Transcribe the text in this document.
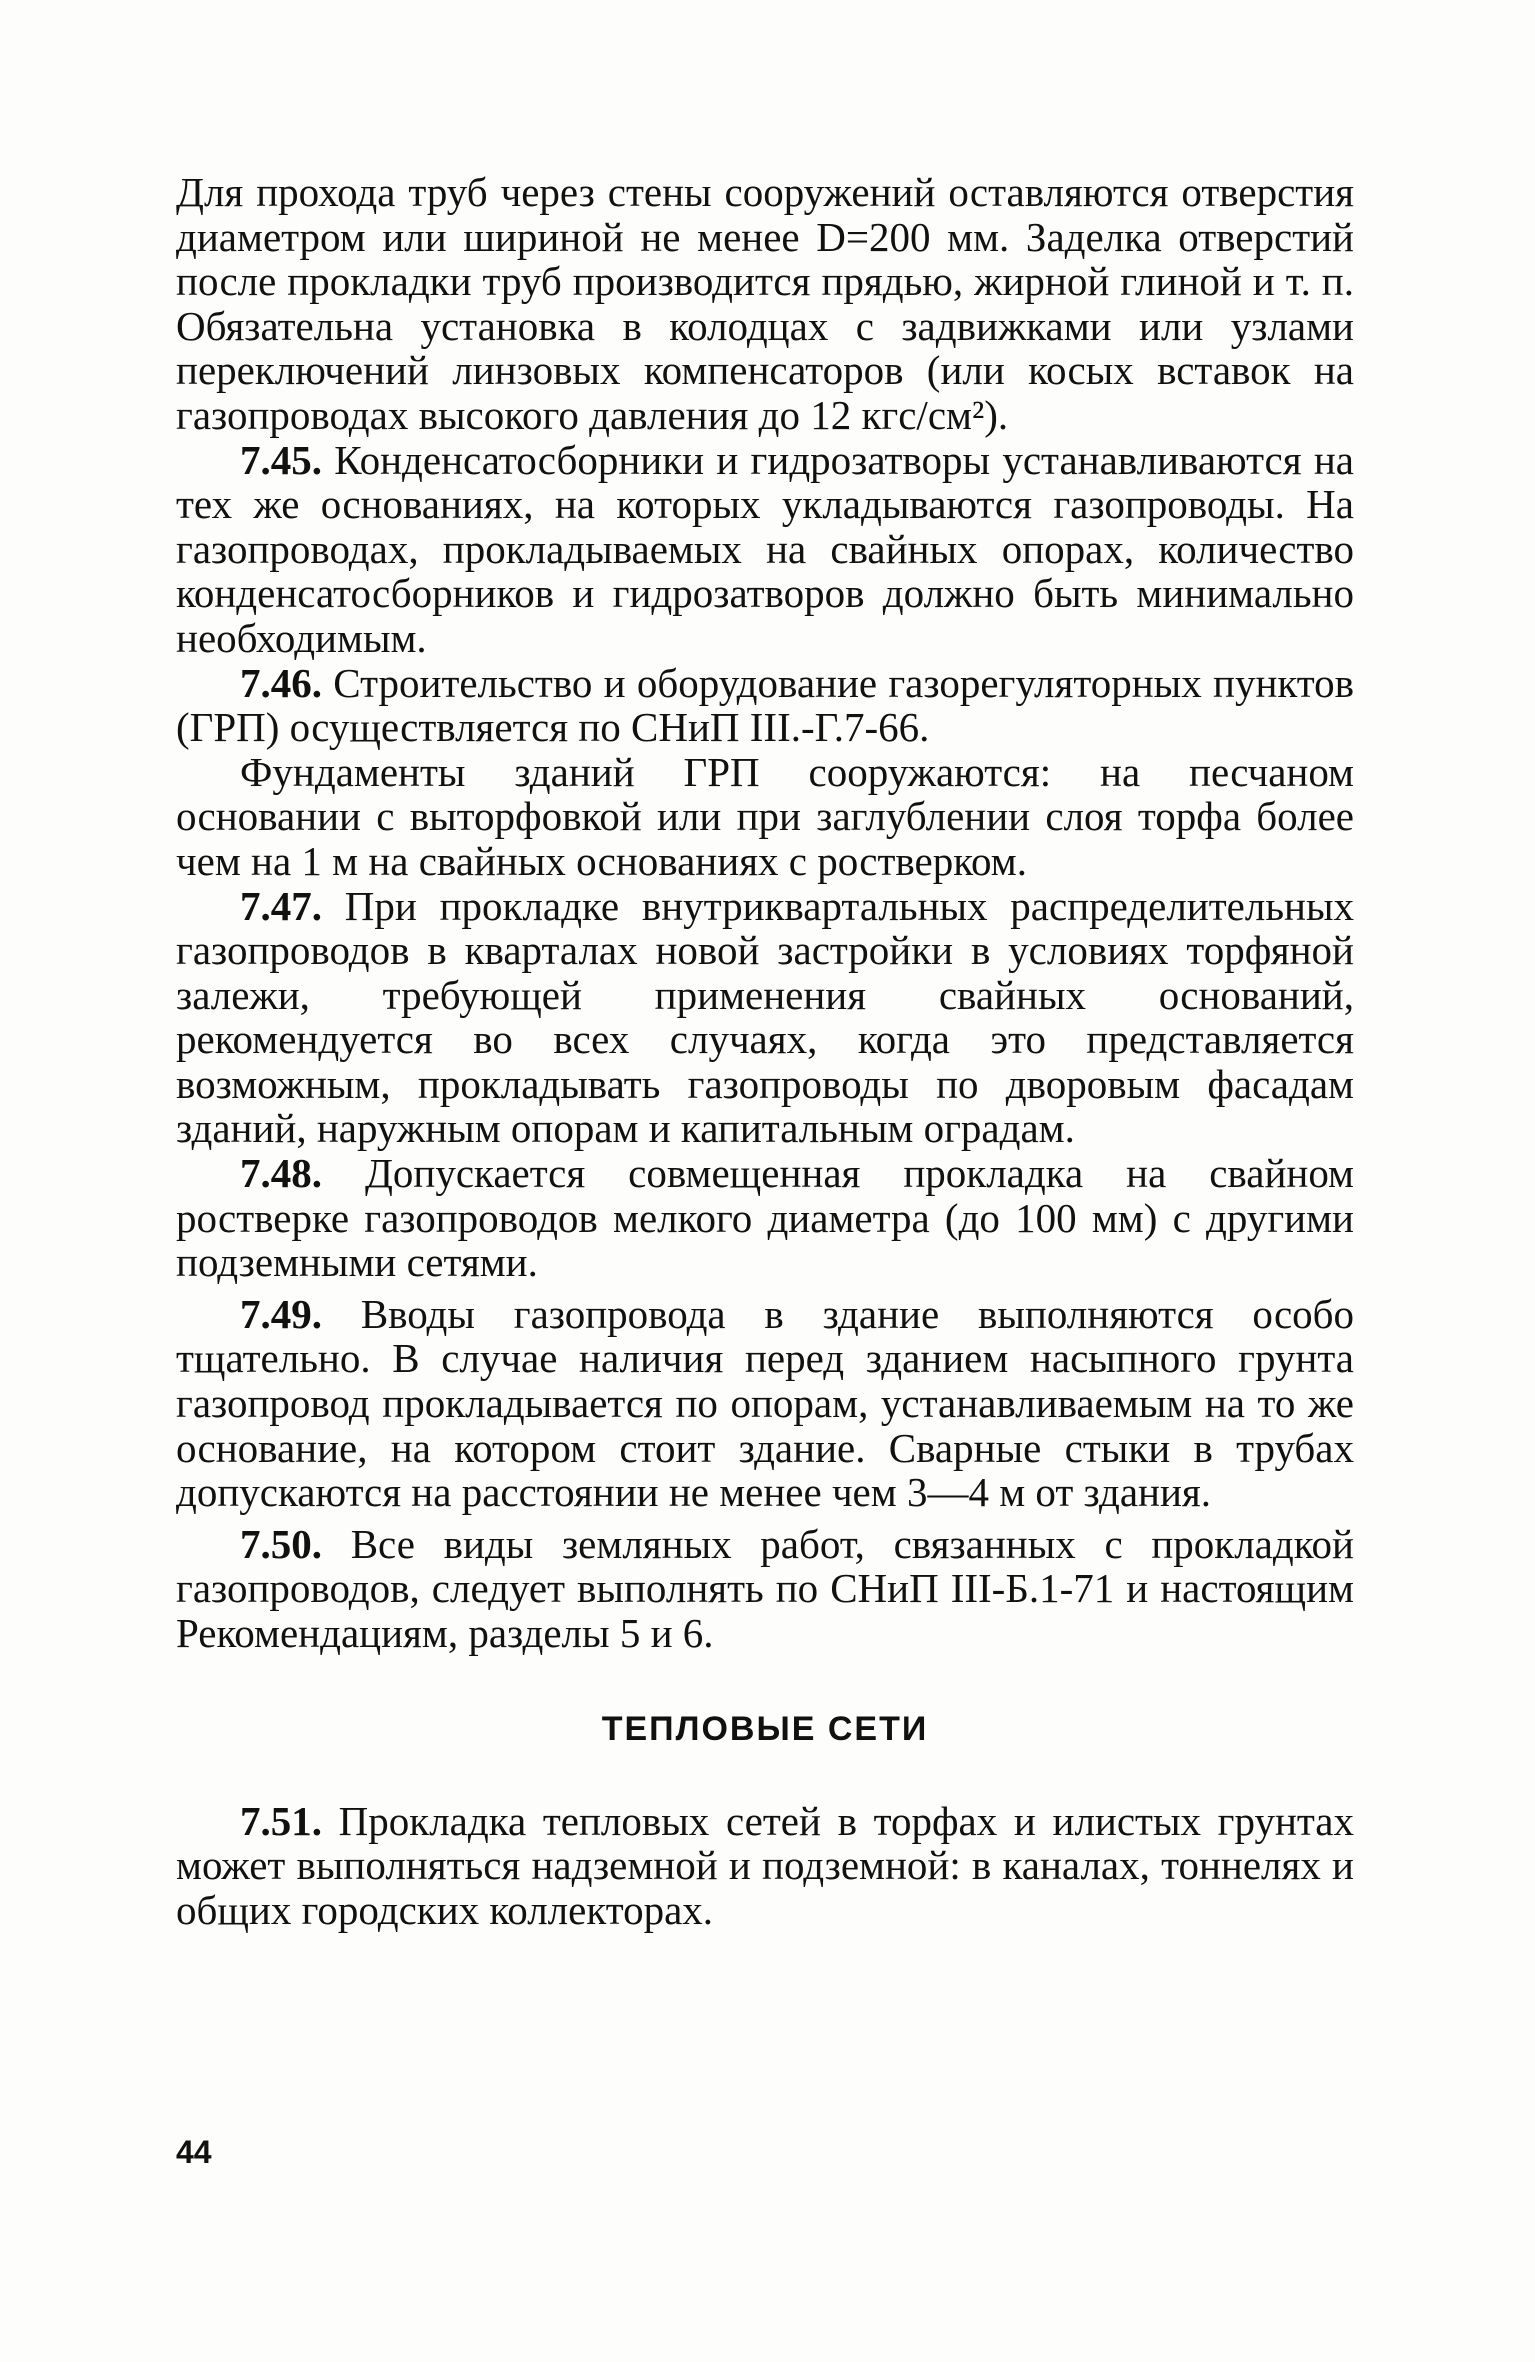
Для прохода труб через стены сооружений оставляются отверстия диаметром или шириной не менее D=200 мм. Заделка отверстий после прокладки труб производится прядью, жирной глиной и т. п. Обязательна установка в колодцах с задвижками или узлами переключений линзовых компенсаторов (или косых вставок на газопроводах высокого давления до 12 кгс/см²).

7.45. Конденсатосборники и гидрозатворы устанавливаются на тех же основаниях, на которых укладываются газопроводы. На газопроводах, прокладываемых на свайных опорах, количество конденсатосборников и гидрозатворов должно быть минимально необходимым.

7.46. Строительство и оборудование газорегуляторных пунктов (ГРП) осуществляется по СНиП III.-Г.7-66.

Фундаменты зданий ГРП сооружаются: на песчаном основании с выторфовкой или при заглублении слоя торфа более чем на 1 м на свайных основаниях с ростверком.

7.47. При прокладке внутриквартальных распределительных газопроводов в кварталах новой застройки в условиях торфяной залежи, требующей применения свайных оснований, рекомендуется во всех случаях, когда это представляется возможным, прокладывать газопроводы по дворовым фасадам зданий, наружным опорам и капитальным оградам.

7.48. Допускается совмещенная прокладка на свайном ростверке газопроводов мелкого диаметра (до 100 мм) с другими подземными сетями.

7.49. Вводы газопровода в здание выполняются особо тщательно. В случае наличия перед зданием насыпного грунта газопровод прокладывается по опорам, устанавливаемым на то же основание, на котором стоит здание. Сварные стыки в трубах допускаются на расстоянии не менее чем 3—4 м от здания.

7.50. Все виды земляных работ, связанных с прокладкой газопроводов, следует выполнять по СНиП III-Б.1-71 и настоящим Рекомендациям, разделы 5 и 6.

ТЕПЛОВЫЕ СЕТИ

7.51. Прокладка тепловых сетей в торфах и илистых грунтах может выполняться надземной и подземной: в каналах, тоннелях и общих городских коллекторах.

44
